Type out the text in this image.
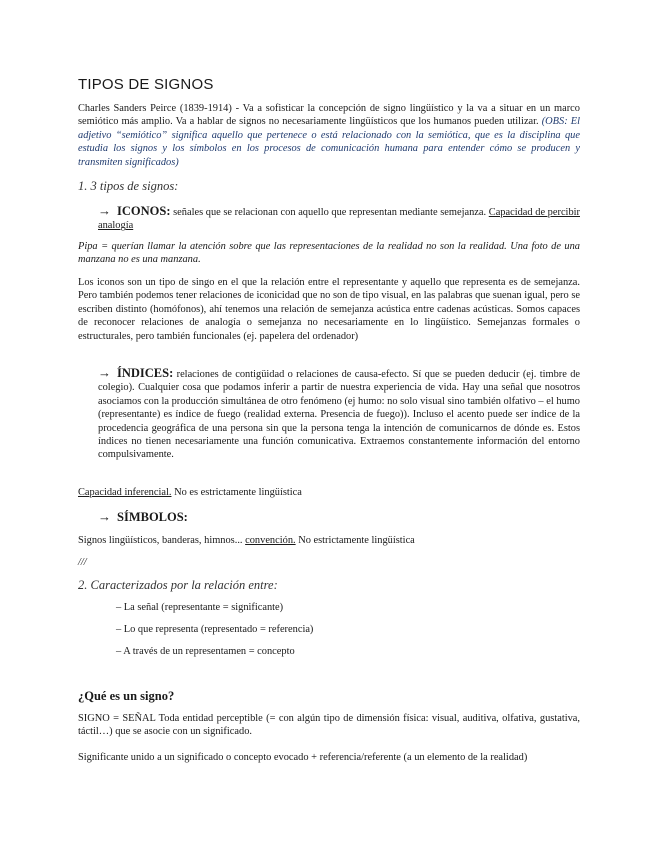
TIPOS DE SIGNOS
Charles Sanders Peirce (1839-1914) - Va a sofisticar la concepción de signo lingüístico y la va a situar en un marco semiótico más amplio. Va a hablar de signos no necesariamente lingüísticos que los humanos pueden utilizar. (OBS: El adjetivo “semiótico” significa aquello que pertenece o está relacionado con la semiótica, que es la disciplina que estudia los signos y los símbolos en los procesos de comunicación humana para entender cómo se producen y transmiten significados)
1. 3 tipos de signos:
→ ICONOS: señales que se relacionan con aquello que representan mediante semejanza. Capacidad de percibir analogía
Pipa = querían llamar la atención sobre que las representaciones de la realidad no son la realidad. Una foto de una manzana no es una manzana.
Los iconos son un tipo de singo en el que la relación entre el representante y aquello que representa es de semejanza. Pero también podemos tener relaciones de iconicidad que no son de tipo visual, en las palabras que suenan igual, pero se escriben distinto (homófonos), ahí tenemos una relación de semejanza acústica entre cadenas acústicas. Somos capaces de reconocer relaciones de analogía o semejanza no necesariamente en lo lingüístico. Semejanzas formales o estructurales, pero también funcionales (ej. papelera del ordenador)
→ ÍNDICES: relaciones de contigüidad o relaciones de causa-efecto. Sí que se pueden deducir (ej. timbre de colegio). Cualquier cosa que podamos inferir a partir de nuestra experiencia de vida. Hay una señal que nosotros asociamos con la producción simultánea de otro fenómeno (ej humo: no solo visual sino también olfativo – el humo (representante) es índice de fuego (realidad externa. Presencia de fuego)). Incluso el acento puede ser índice de la procedencia geográfica de una persona sin que la persona tenga la intención de comunicarnos de dónde es. Estos índices no tienen necesariamente una función comunicativa. Extraemos constantemente información del entorno compulsivamente.
Capacidad inferencial. No es estrictamente lingüística
→ SÍMBOLOS:
Signos lingüísticos, banderas, himnos... convención. No estrictamente lingüística
///
2. Caracterizados por la relación entre:
– La señal (representante = significante)
– Lo que representa (representado = referencia)
– A través de un representamen = concepto
¿Qué es un signo?
SIGNO = SEÑAL Toda entidad perceptible (= con algún tipo de dimensión física: visual, auditiva, olfativa, gustativa, táctil…) que se asocie con un significado.
Significante unido a un significado o concepto evocado + referencia/referente (a un elemento de la realidad)
